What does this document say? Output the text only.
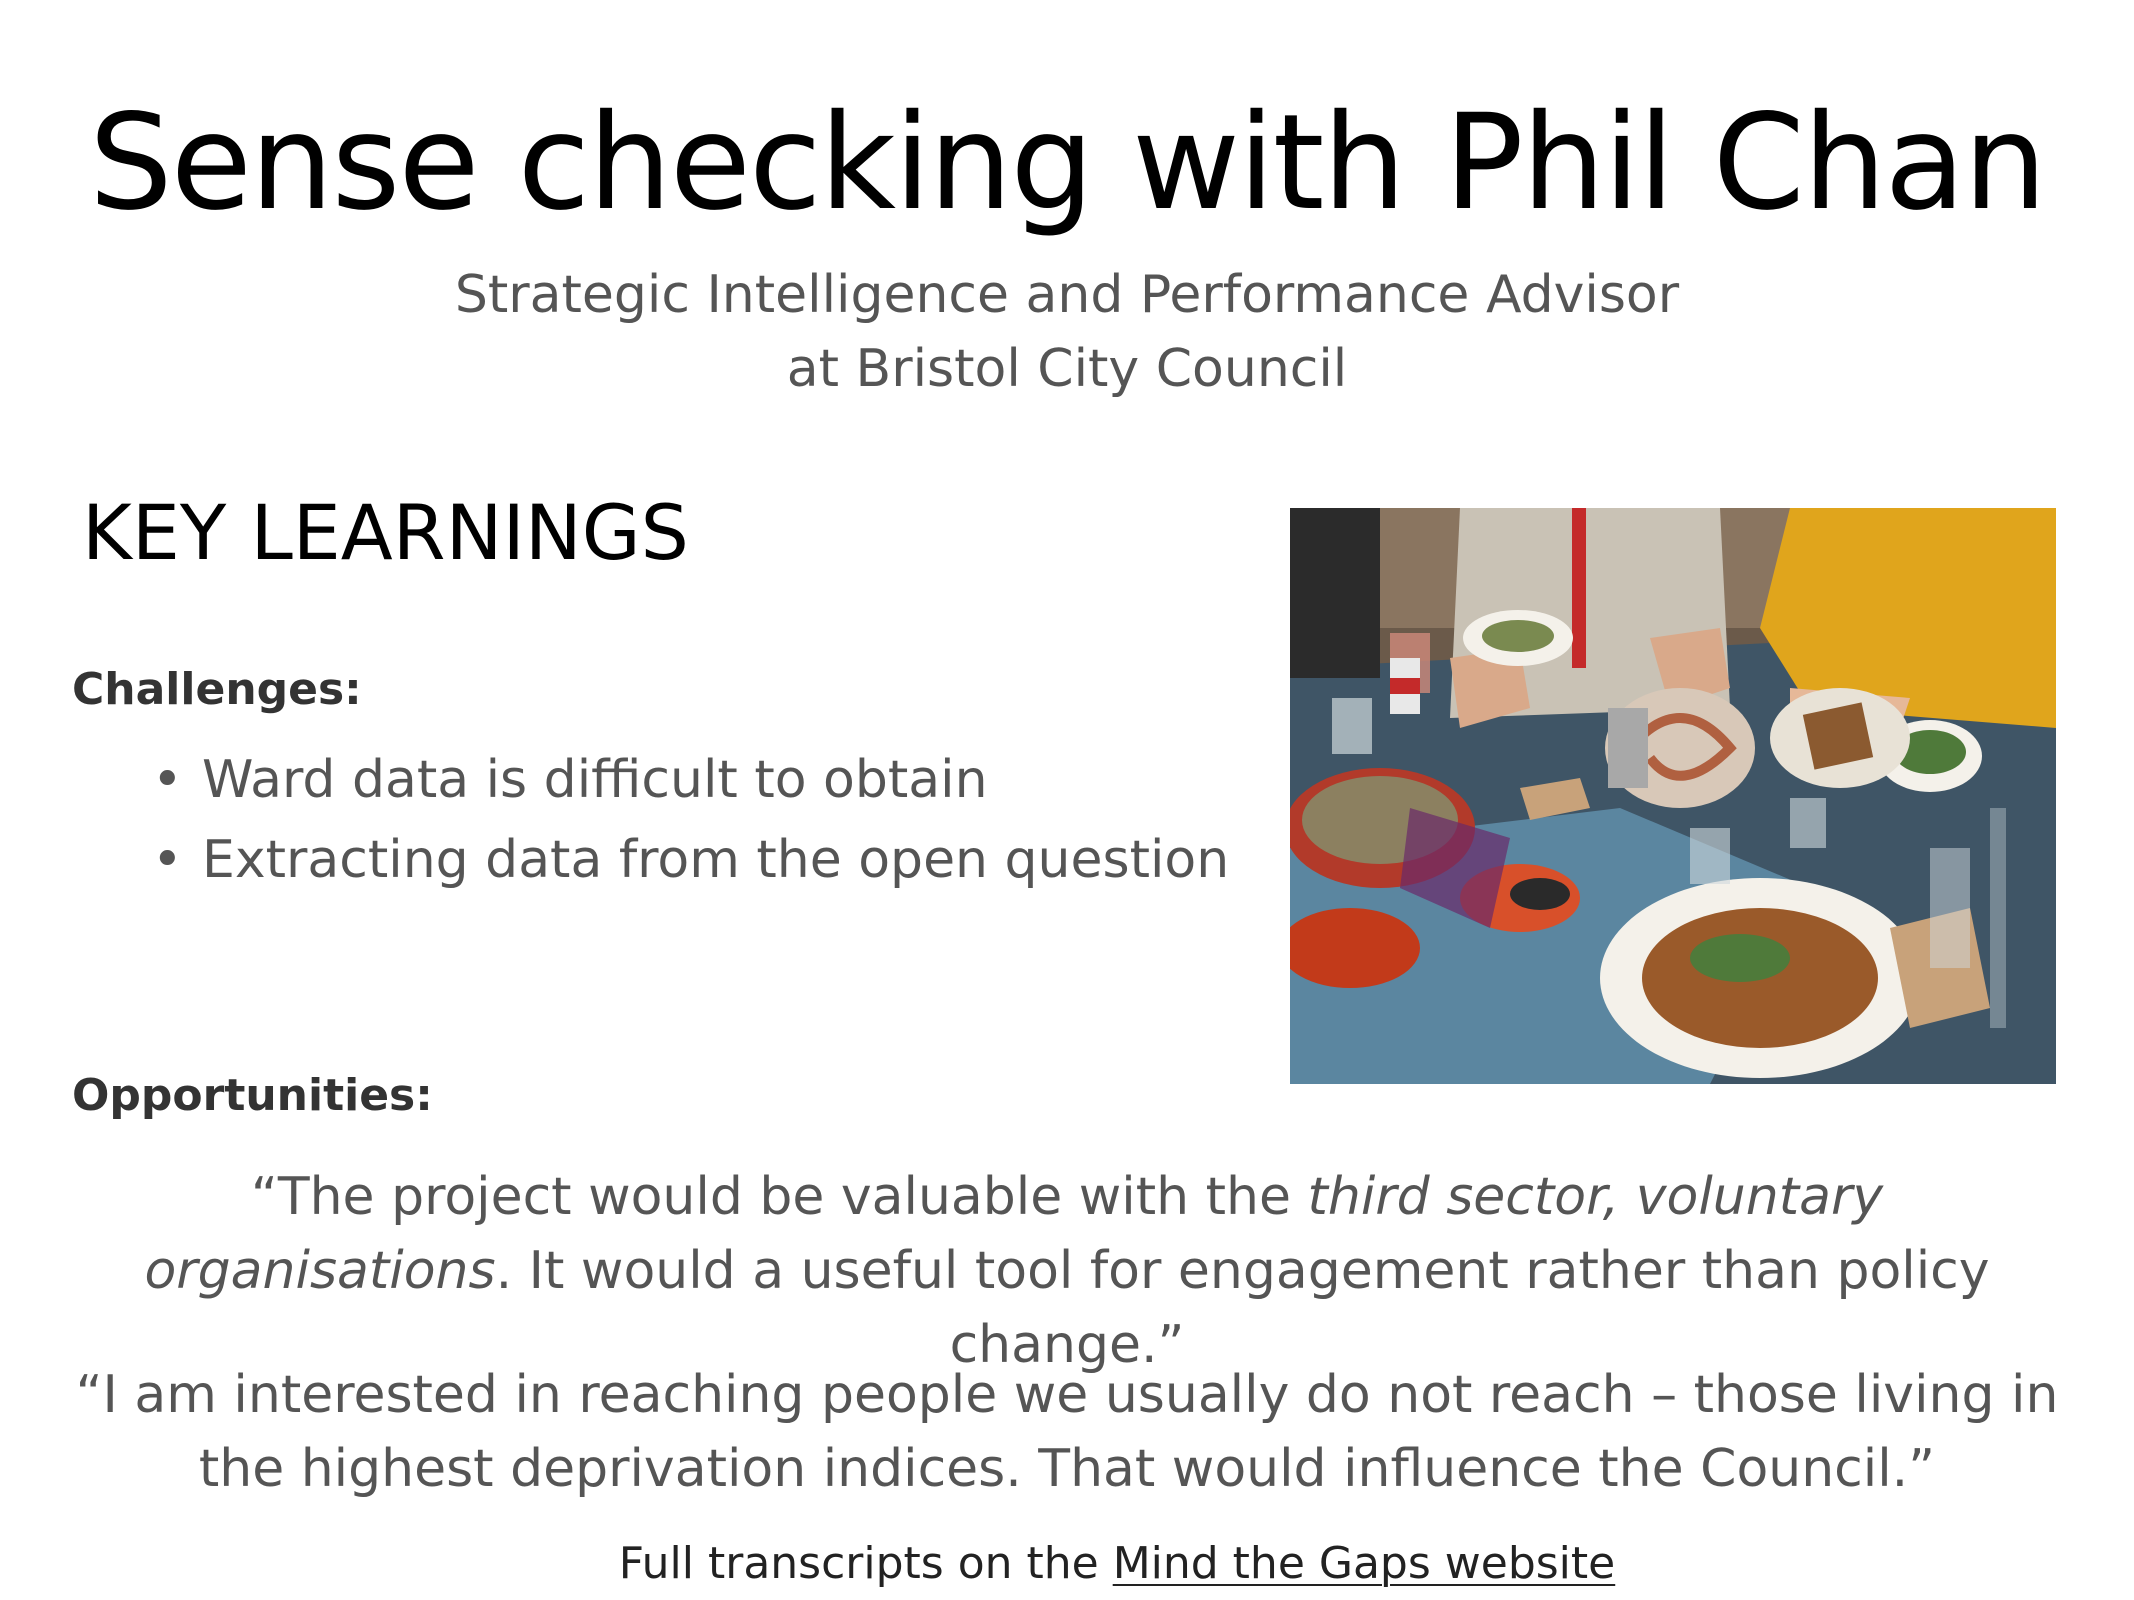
Sense checking with Phil Chan
Strategic Intelligence and Performance Advisor
at Bristol City Council
KEY LEARNINGS
Challenges:
• Ward data is difficult to obtain
• Extracting data from the open question
Opportunities:
“The project would be valuable with the third sector, voluntary organisations. It would a useful tool for engagement rather than policy change.”
“I am interested in reaching people we usually do not reach – those living in the highest deprivation indices. That would influence the Council.”
Full transcripts on the Mind the Gaps website
